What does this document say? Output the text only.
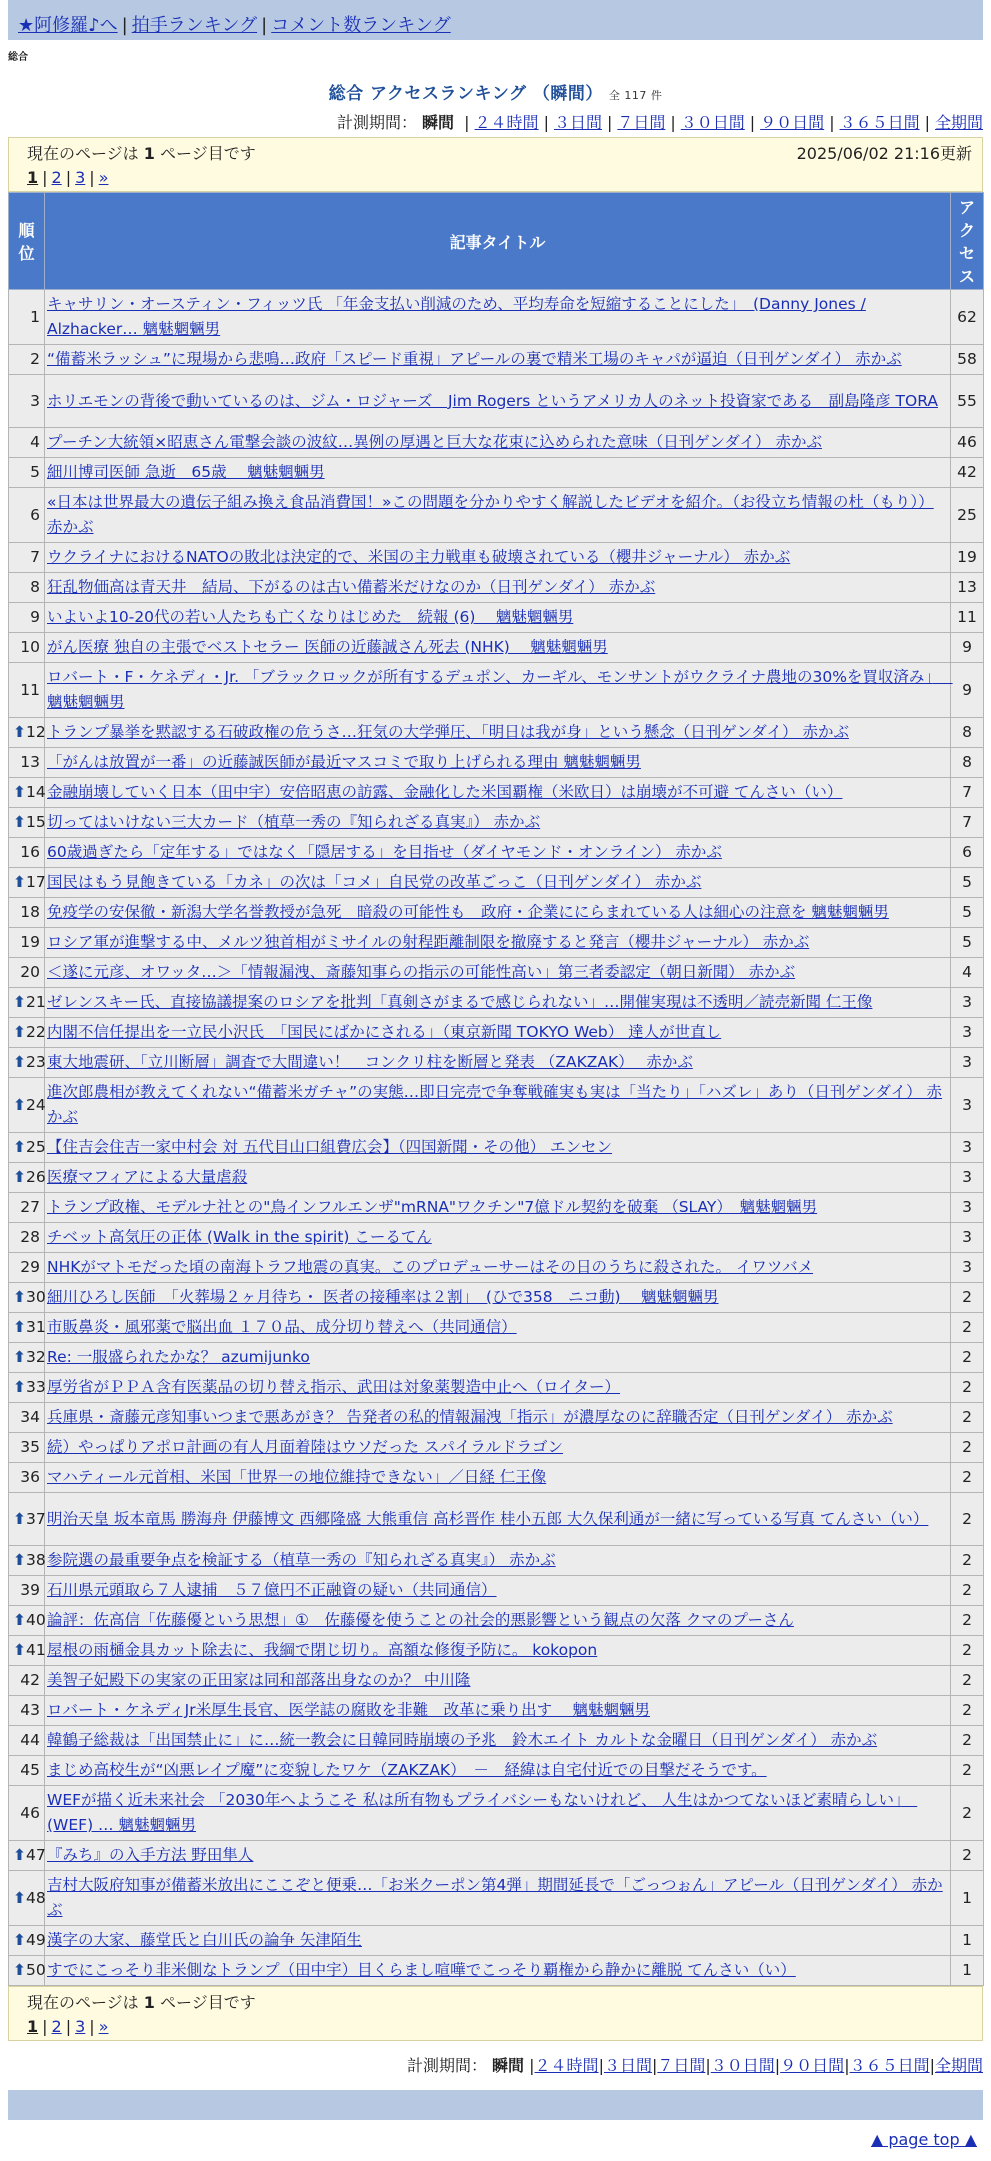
★阿修羅♪へ | 拍手ランキング | コメント数ランキング
総合
総合 アクセスランキング （瞬間） 全 117 件
計測期間： 瞬間 | ２４時間 | ３日間 | ７日間 | ３０日間 | ９０日間 | ３６５日間 | 全期間
現在のページは 1 ページ目です	2025/06/02 21:16更新
1 | 2 | 3 | »
順位	記事タイトル	アクセス
1	キャサリン・オースティン・フィッツ氏 「年金支払い削減のため、平均寿命を短縮することにした」　(Danny Jones / Alzhacker… 魑魅魍魎男	62
2	“備蓄米ラッシュ”に現場から悲鳴…政府「スピード重視」アピールの裏で精米工場のキャパが逼迫（日刊ゲンダイ） 赤かぶ	58
3	ホリエモンの背後で動いているのは、ジム・ロジャーズ　Jim Rogers というアメリカ人のネット投資家である　副島隆彦 TORA	55
4	プーチン大統領×昭恵さん電撃会談の波紋…異例の厚遇と巨大な花束に込められた意味（日刊ゲンダイ） 赤かぶ	46
5	細川博司医師 急逝　65歳　 魑魅魍魎男	42
6	«日本は世界最大の遺伝子組み換え食品消費国！»この問題を分かりやすく解説したビデオを紹介。（お役立ち情報の杜（もり））赤かぶ	25
7	ウクライナにおけるNATOの敗北は決定的で、米国の主力戦車も破壊されている（櫻井ジャーナル） 赤かぶ	19
8	狂乱物価高は青天井　結局、下がるのは古い備蓄米だけなのか（日刊ゲンダイ） 赤かぶ	13
9	いよいよ10-20代の若い人たちも亡くなりはじめた　続報 (6)　 魑魅魍魎男	11
10	がん医療 独自の主張でベストセラー 医師の近藤誠さん死去 (NHK)　 魑魅魍魎男	9
11	ロバート・F・ケネディ・Jr. 「ブラックロックが所有するデュポン、カーギル、モンサントがウクライナ農地の30%を買収済み」　 魑魅魍魎男	9

⬆ 12	トランプ暴挙を黙認する石破政権の危うさ…狂気の大学弾圧、「明日は我が身」という懸念（日刊ゲンダイ） 赤かぶ	8
13	「がんは放置が一番」の近藤誠医師が最近マスコミで取り上げられる理由 魑魅魍魎男	8

⬆ 14	金融崩壊していく日本（田中宇）安倍昭恵の訪露、金融化した米国覇権（米欧日）は崩壊が不可避 てんさい（い）	7

⬆ 15	切ってはいけない三大カード（植草一秀の『知られざる真実』） 赤かぶ	7
16	60歳過ぎたら「定年する」ではなく「隠居する」を目指せ（ダイヤモンド・オンライン） 赤かぶ	6

⬆ 17	国民はもう見飽きている「カネ」の次は「コメ」自民党の改革ごっこ（日刊ゲンダイ） 赤かぶ	5
18	免疫学の安保徹・新潟大学名誉教授が急死　暗殺の可能性も　政府・企業ににらまれている人は細心の注意を 魑魅魍魎男	5
19	ロシア軍が進撃する中、メルツ独首相がミサイルの射程距離制限を撤廃すると発言（櫻井ジャーナル） 赤かぶ	5
20	＜遂に元彦、オワッタ…＞「情報漏洩、斎藤知事らの指示の可能性高い」第三者委認定（朝日新聞） 赤かぶ	4

⬆ 21	ゼレンスキー氏、直接協議提案のロシアを批判「真剣さがまるで感じられない」…開催実現は不透明／読売新聞 仁王像	3

⬆ 22	内閣不信任提出を一立民小沢氏　「国民にばかにされる」（東京新聞 TOKYO Web） 達人が世直し	3

⬆ 23	東大地震研、「立川断層」調査で大間違い！　コンクリ柱を断層と発表 （ZAKZAK）　 赤かぶ	3

⬆ 24	進次郎農相が教えてくれない“備蓄米ガチャ”の実態…即日完売で争奪戦確実も実は「当たり」「ハズレ」あり（日刊ゲンダイ） 赤かぶ	3

⬆ 25	【住吉会住吉一家中村会 対 五代目山口組費広会】（四国新聞・その他） エンセン	3

⬆ 26	医療マフィアによる大量虐殺	3
27	トランプ政権、モデルナ社との"鳥インフルエンザ"mRNA"ワクチン"7億ドル契約を破棄 （SLAY）　魑魅魍魎男	3
28	チベット高気圧の正体 (Walk in the spirit) こーるてん	3
29	NHKがマトモだった頃の南海トラフ地震の真実。このプロデューサーはその日のうちに殺された。 イワツバメ	3

⬆ 30	細川ひろし医師　「火葬場２ヶ月待ち・ 医者の接種率は２割」　(ひで358　ニコ動)　 魑魅魍魎男	2

⬆ 31	市販鼻炎・風邪薬で脳出血 １７０品、成分切り替えへ（共同通信）	2

⬆ 32	Re: 一服盛られたかな？ azumijunko	2

⬆ 33	厚労省がＰＰＡ含有医薬品の切り替え指示、武田は対象薬製造中止へ（ロイター）	2
34	兵庫県・斎藤元彦知事いつまで悪あがき？ 告発者の私的情報漏洩「指示」が濃厚なのに辞職否定（日刊ゲンダイ） 赤かぶ	2
35	続）やっぱりアポロ計画の有人月面着陸はウソだった スパイラルドラゴン	2
36	マハティール元首相、米国「世界一の地位維持できない」／日経 仁王像	2

⬆ 37	明治天皇 坂本竜馬 勝海舟 伊藤博文 西郷隆盛 大熊重信 高杉晋作 桂小五郎 大久保利通が一緒に写っている写真 てんさい（い）	2

⬆ 38	参院選の最重要争点を検証する（植草一秀の『知られざる真実』） 赤かぶ	2
39	石川県元頭取ら７人逮捕　５７億円不正融資の疑い（共同通信）	2

⬆ 40	論評：佐高信「佐藤優という思想」①　佐藤優を使うことの社会的悪影響という観点の欠落 クマのプーさん	2

⬆ 41	屋根の雨樋金具カット除去に、我綱で閉じ切り。高額な修復予防に。 kokopon	2
42	美智子妃殿下の実家の正田家は同和部落出身なのか？ 中川隆	2
43	ロバート・ケネディJr米厚生長官、医学誌の腐敗を非難　改革に乗り出す　 魑魅魍魎男	2
44	韓鶴子総裁は「出国禁止に」に…統一教会に日韓同時崩壊の予兆　鈴木エイト カルトな金曜日（日刊ゲンダイ） 赤かぶ	2
45	まじめ高校生が“凶悪レイプ魔”に変貌したワケ（ZAKZAK）　－　経緯は自宅付近での目撃だそうです。	2
46	WEFが描く近未来社会 「2030年へようこそ 私は所有物もプライバシーもないけれど、 人生はかつてないほど素晴らしい」　(WEF) … 魑魅魍魎男	2

⬆ 47	『みち』の入手方法 野田隼人	2

⬆ 48	吉村大阪府知事が備蓄米放出にここぞと便乗…「お米クーポン第4弾」期間延長で「ごっつぉん」アピール（日刊ゲンダイ） 赤かぶ	1

⬆ 49	漢字の大家、藤堂氏と白川氏の論争 矢津陌生	1

⬆ 50	すでにこっそり非米側なトランプ（田中宇）目くらまし喧嘩でこっそり覇権から静かに離脱 てんさい（い）	1
現在のページは 1 ページ目です
1 | 2 | 3 | »
計測期間： 瞬間 |２４時間|３日間|７日間|３０日間|９０日間|３６５日間|全期間
▲ page top ▲
